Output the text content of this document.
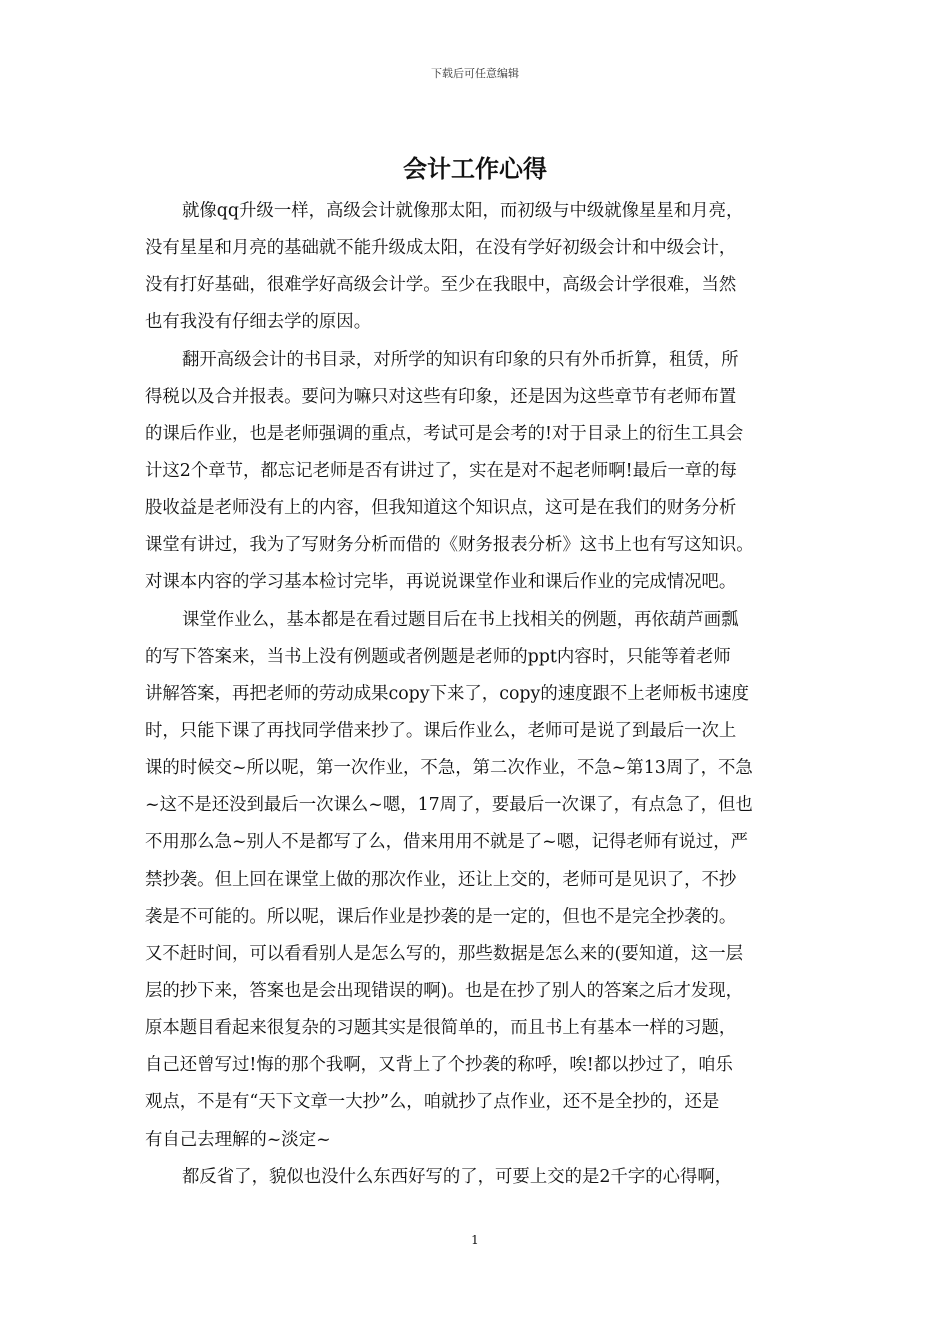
下载后可任意编辑
会计工作心得
就像qq升级一样，高级会计就像那太阳，而初级与中级就像星星和月亮，
没有星星和月亮的基础就不能升级成太阳，在没有学好初级会计和中级会计，
没有打好基础，很难学好高级会计学。至少在我眼中，高级会计学很难，当然
也有我没有仔细去学的原因。
翻开高级会计的书目录，对所学的知识有印象的只有外币折算，租赁，所
得税以及合并报表。要问为嘛只对这些有印象，还是因为这些章节有老师布置
的课后作业，也是老师强调的重点，考试可是会考的!对于目录上的衍生工具会
计这2个章节，都忘记老师是否有讲过了，实在是对不起老师啊!最后一章的每
股收益是老师没有上的内容，但我知道这个知识点，这可是在我们的财务分析
课堂有讲过，我为了写财务分析而借的《财务报表分析》这书上也有写这知识。
对课本内容的学习基本检讨完毕，再说说课堂作业和课后作业的完成情况吧。
课堂作业么，基本都是在看过题目后在书上找相关的例题，再依葫芦画瓢
的写下答案来，当书上没有例题或者例题是老师的ppt内容时，只能等着老师
讲解答案，再把老师的劳动成果copy下来了，copy的速度跟不上老师板书速度
时，只能下课了再找同学借来抄了。课后作业么，老师可是说了到最后一次上
课的时候交~所以呢，第一次作业，不急，第二次作业，不急~第13周了，不急
~这不是还没到最后一次课么~嗯，17周了，要最后一次课了，有点急了，但也
不用那么急~别人不是都写了么，借来用用不就是了~嗯，记得老师有说过，严
禁抄袭。但上回在课堂上做的那次作业，还让上交的，老师可是见识了，不抄
袭是不可能的。所以呢，课后作业是抄袭的是一定的，但也不是完全抄袭的。
又不赶时间，可以看看别人是怎么写的，那些数据是怎么来的(要知道，这一层
层的抄下来，答案也是会出现错误的啊)。也是在抄了别人的答案之后才发现，
原本题目看起来很复杂的习题其实是很简单的，而且书上有基本一样的习题，
自己还曾写过!悔的那个我啊，又背上了个抄袭的称呼，唉!都以抄过了，咱乐
观点，不是有“天下文章一大抄”么，咱就抄了点作业，还不是全抄的，还是
有自己去理解的~淡定~
都反省了，貌似也没什么东西好写的了，可要上交的是2千字的心得啊，
1
